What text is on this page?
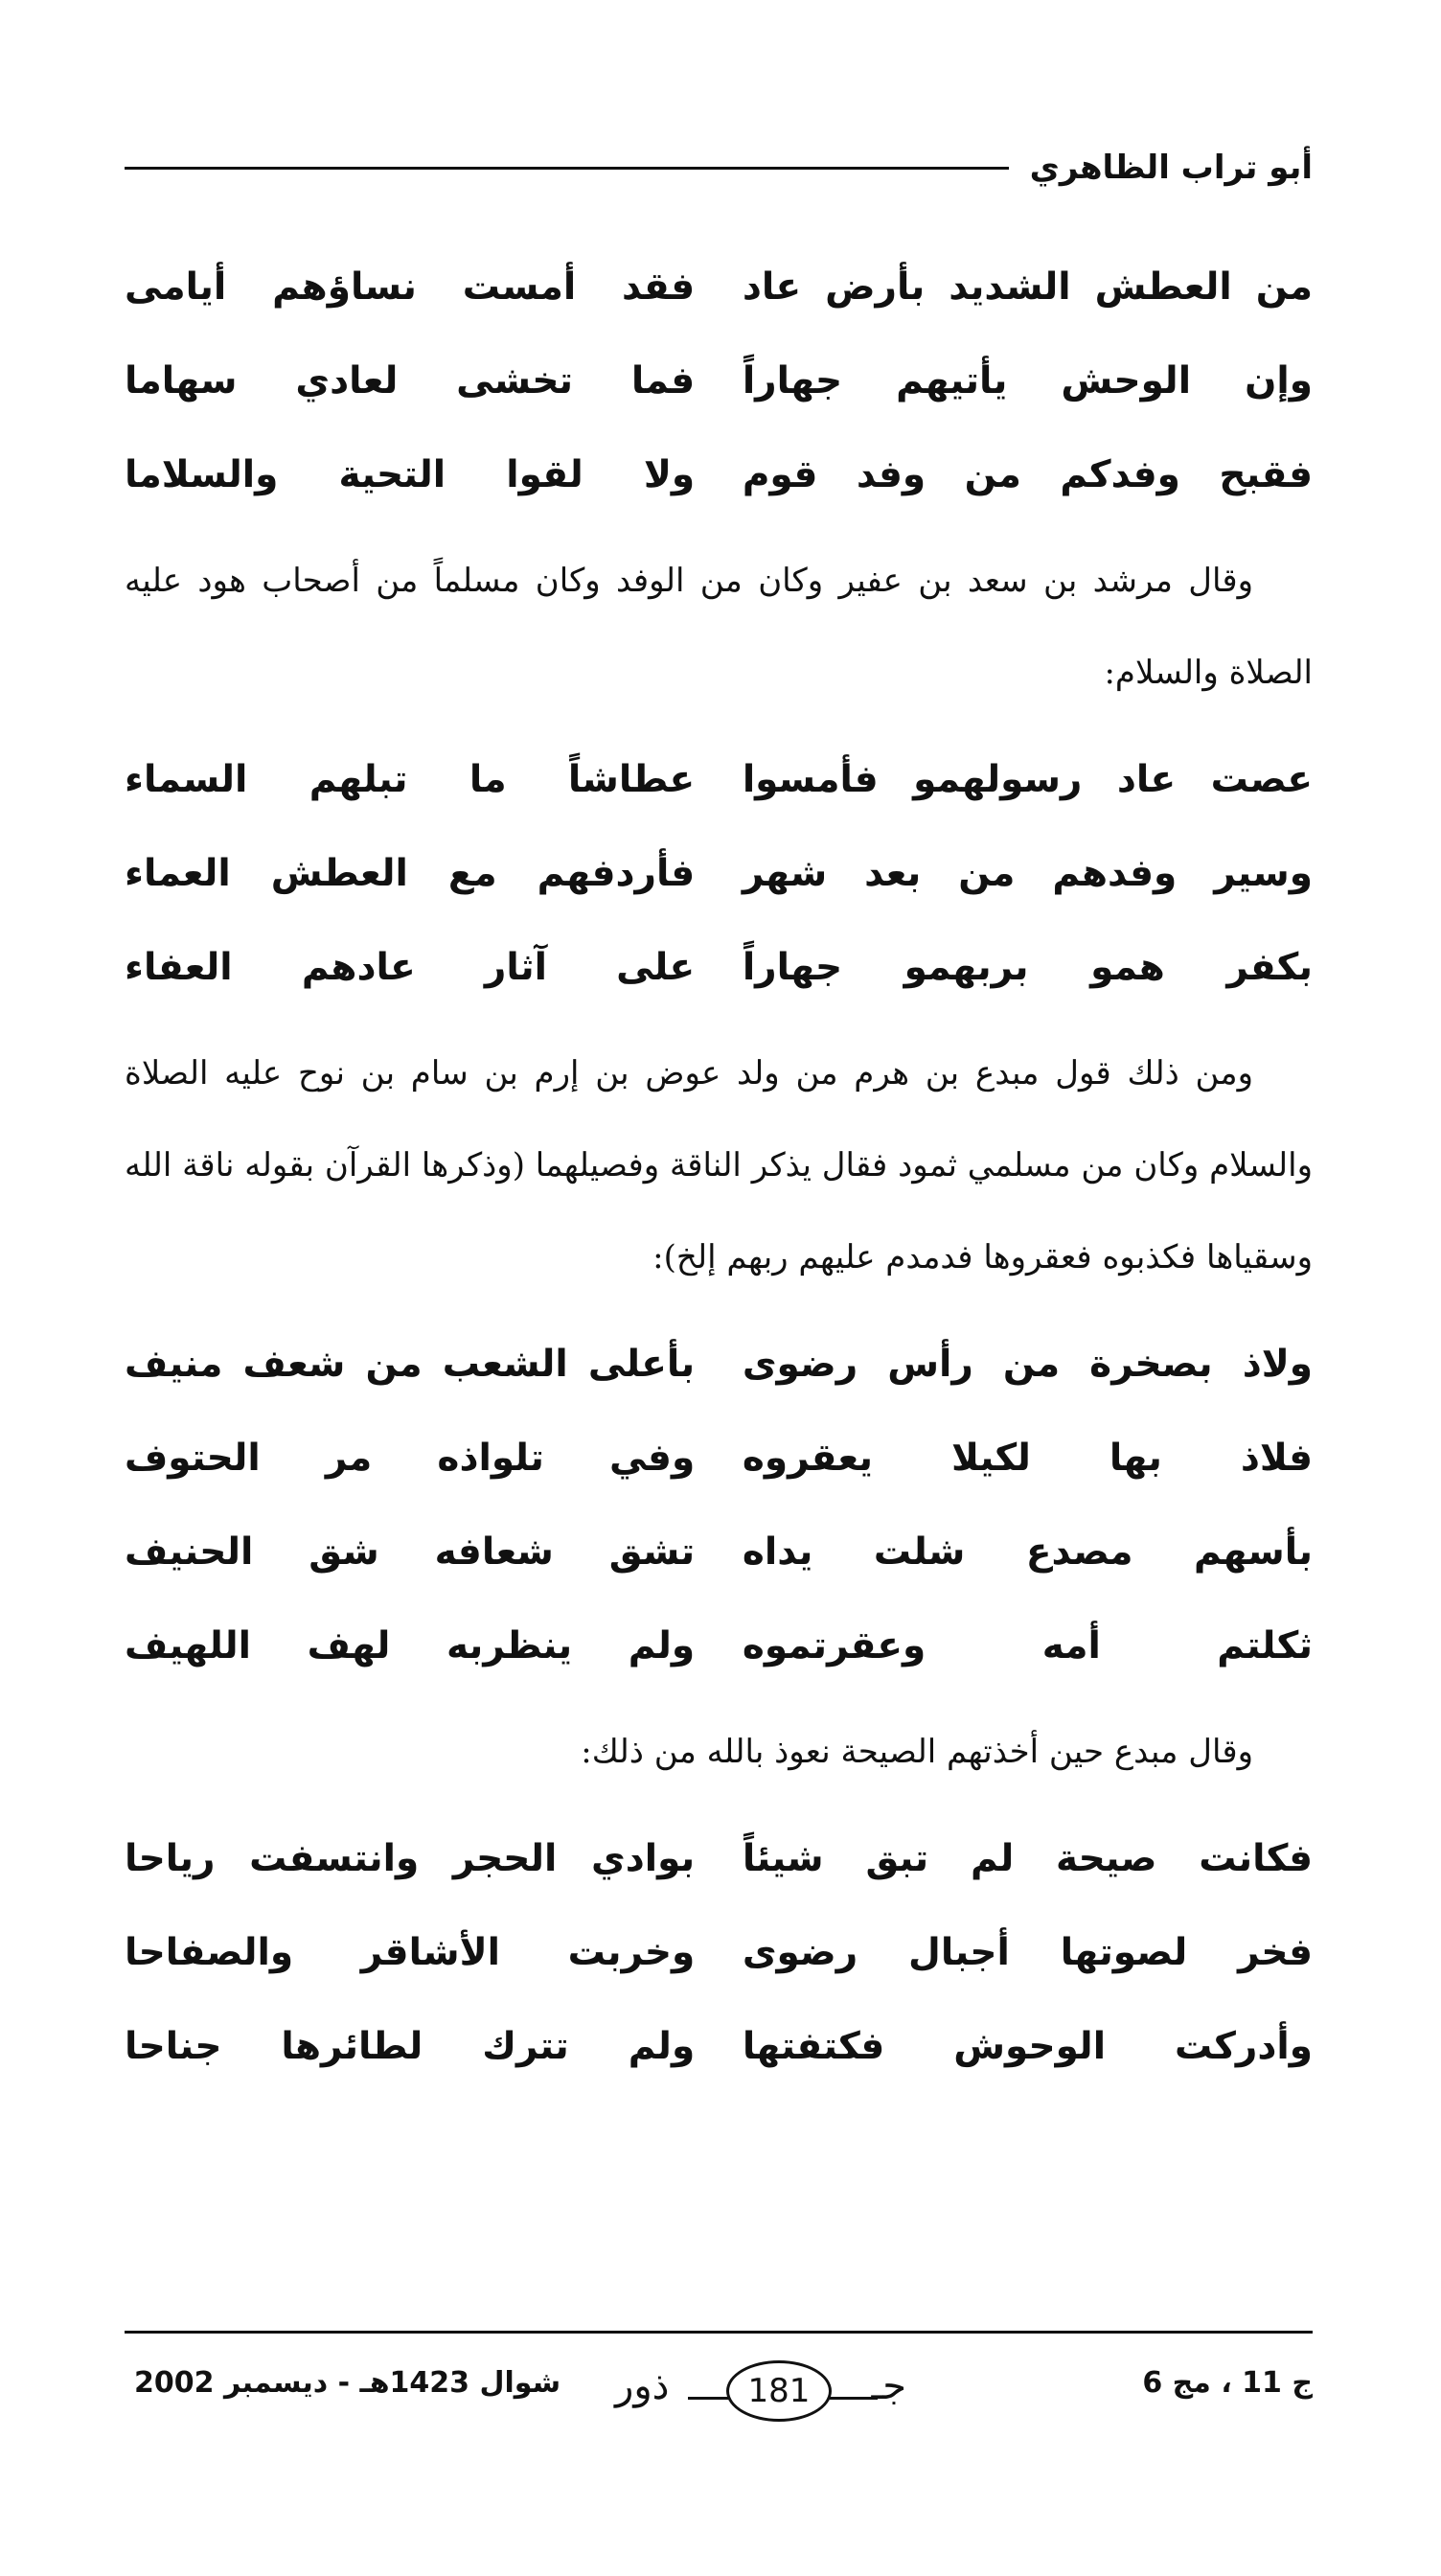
أبو تراب الظاهري
من العطش الشديد بأرض عاد
فقد أمست نساؤهم أيامى
وإن الوحش يأتيهم جهاراً
فما تخشى لعادي سهاما
فقبح وفدكم من وفد قوم
ولا لقوا التحية والسلاما

وقال مرشد بن سعد بن عفير وكان من الوفد وكان مسلماً من أصحاب هود عليه الصلاة والسلام:

عصت عاد رسولهمو فأمسوا
عطاشاً ما تبلهم السماء
وسير وفدهم من بعد شهر
فأردفهم مع العطش العماء
بكفر همو بربهمو جهاراً
على آثار عادهم العفاء

ومن ذلك قول مبدع بن هرم من ولد عوض بن إرم بن سام بن نوح عليه الصلاة والسلام وكان من مسلمي ثمود فقال يذكر الناقة وفصيلهما (وذكرها القرآن بقوله ناقة الله وسقياها فكذبوه فعقروها فدمدم عليهم ربهم إلخ):

ولاذ بصخرة من رأس رضوى
بأعلى الشعب من شعف منيف
فلاذ بها لكيلا يعقروه
وفي تلواذه مر الحتوف
بأسهم مصدع شلت يداه
تشق شعافه شق الحنيف
ثكلتم أمه وعقرتموه
ولم ينظربه لهف اللهيف

وقال مبدع حين أخذتهم الصيحة نعوذ بالله من ذلك:

فكانت صيحة لم تبق شيئاً
بوادي الحجر وانتسفت رياحا
فخر لصوتها أجبال رضوى
وخربت الأشاقر والصفاحا
وأدركت الوحوش فكتفتها
ولم تترك لطائرها جناحا
شوال 1423هـ - ديسمبر 2002 ذور	181	جـ	ج 11 ، مج 6
